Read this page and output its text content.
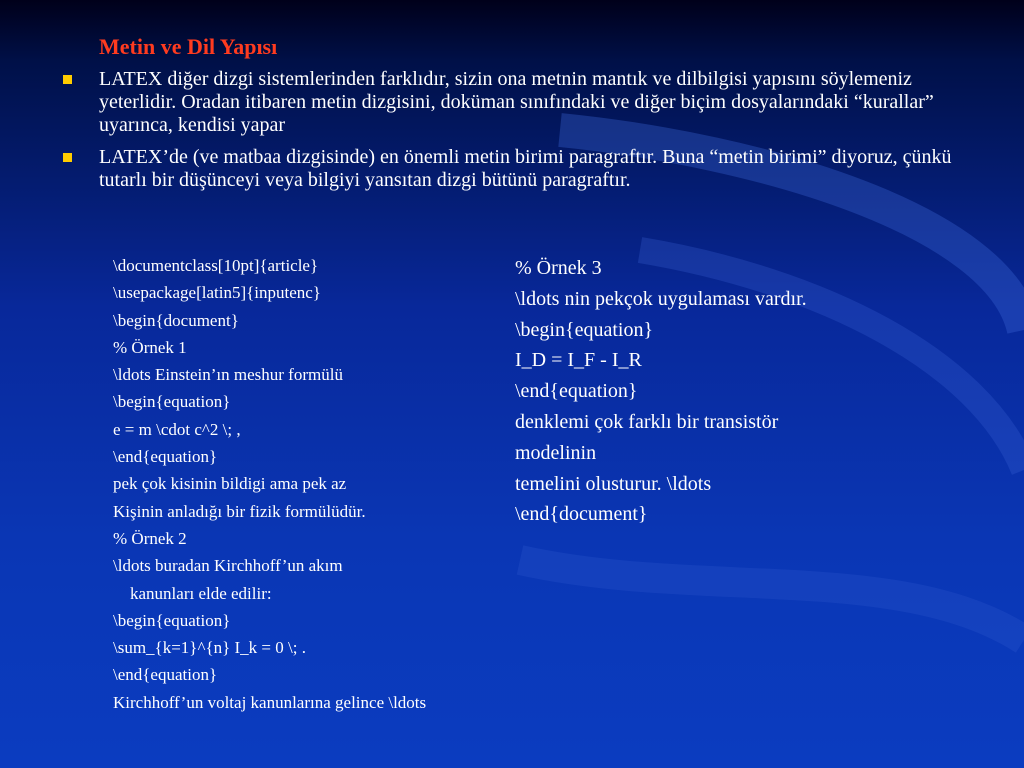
Metin ve Dil Yapısı
LATEX diğer dizgi sistemlerinden farklıdır, sizin ona metnin mantık ve dilbilgisi yapısını söylemeniz yeterlidir. Oradan itibaren metin dizgisini, doküman sınıfındaki ve diğer biçim dosyalarındaki “kurallar” uyarınca, kendisi yapar
LATEX’de (ve matbaa dizgisinde) en önemli metin birimi paragraftır. Buna “metin birimi” diyoruz, çünkü tutarlı bir düşünceyi veya bilgiyi yansıtan dizgi bütünü paragraftır.
\documentclass[10pt]{article}
\usepackage[latin5]{inputenc}
\begin{document}
% Örnek 1
\ldots Einstein’ın meshur formülü
\begin{equation}
e = m \cdot c^2 \; ,
\end{equation}
pek çok kisinin bildigi ama pek az
Kişinin anladığı bir fizik formülüdür.
% Örnek 2
\ldots buradan Kirchhoff’un akım
kanunları elde edilir:
\begin{equation}
\sum_{k=1}^{n} I_k = 0 \; .
\end{equation}
Kirchhoff’un voltaj kanunlarına gelince \ldots
% Örnek 3
\ldots nin pekçok uygulaması vardır.
\begin{equation}
I_D = I_F - I_R
\end{equation}
denklemi çok farklı bir transistör
modelinin
temelini olusturur. \ldots
\end{document}
